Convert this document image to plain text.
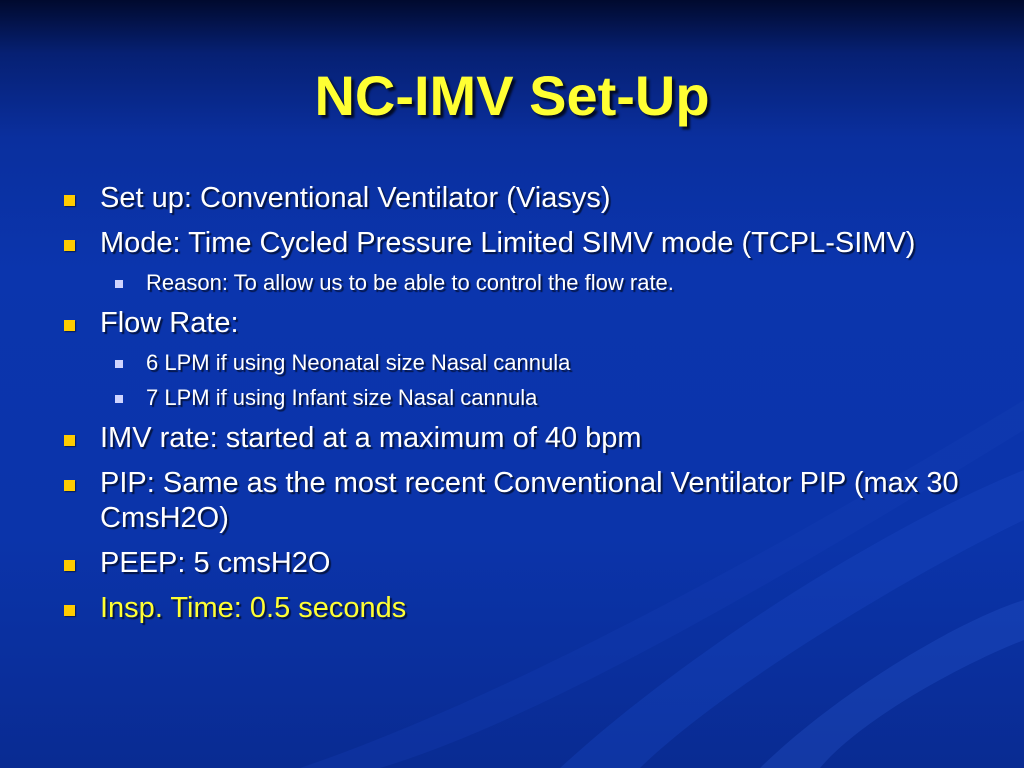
NC-IMV Set-Up
Set up: Conventional Ventilator (Viasys)
Mode: Time Cycled Pressure Limited SIMV mode (TCPL-SIMV)
Reason: To allow us to be able to control the flow rate.
Flow Rate:
6 LPM if using Neonatal size Nasal cannula
7 LPM if using Infant size Nasal cannula
IMV rate: started at a maximum of 40 bpm
PIP: Same as the most recent Conventional Ventilator PIP (max 30 CmsH2O)
PEEP: 5 cmsH2O
Insp. Time: 0.5 seconds
